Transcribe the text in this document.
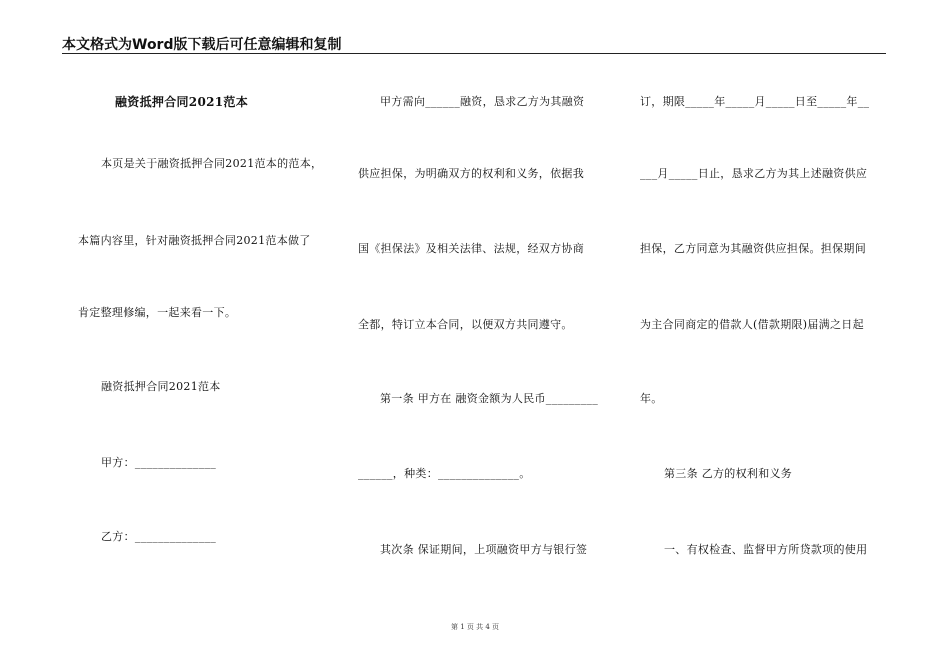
本文格式为Word版下载后可任意编辑和复制
融资抵押合同2021范本
本页是关于融资抵押合同2021范本的范本，
本篇内容里，针对融资抵押合同2021范本做了
肯定整理修编，一起来看一下。
融资抵押合同2021范本
甲方：______________
乙方：______________
甲方需向______融资，恳求乙方为其融资
供应担保，为明确双方的权利和义务，依据我
国《担保法》及相关法律、法规，经双方协商
全都，特订立本合同，以便双方共同遵守。
第一条 甲方在 融资金额为人民币_________
______，种类：______________。
其次条 保证期间，上项融资甲方与银行签
订，期限_____年_____月_____日至_____年__
___月_____日止，恳求乙方为其上述融资供应
担保，乙方同意为其融资供应担保。担保期间
为主合同商定的借款人(借款期限)届满之日起
年。
第三条 乙方的权利和义务
一、有权检查、监督甲方所贷款项的使用
第 1 页 共 4 页
